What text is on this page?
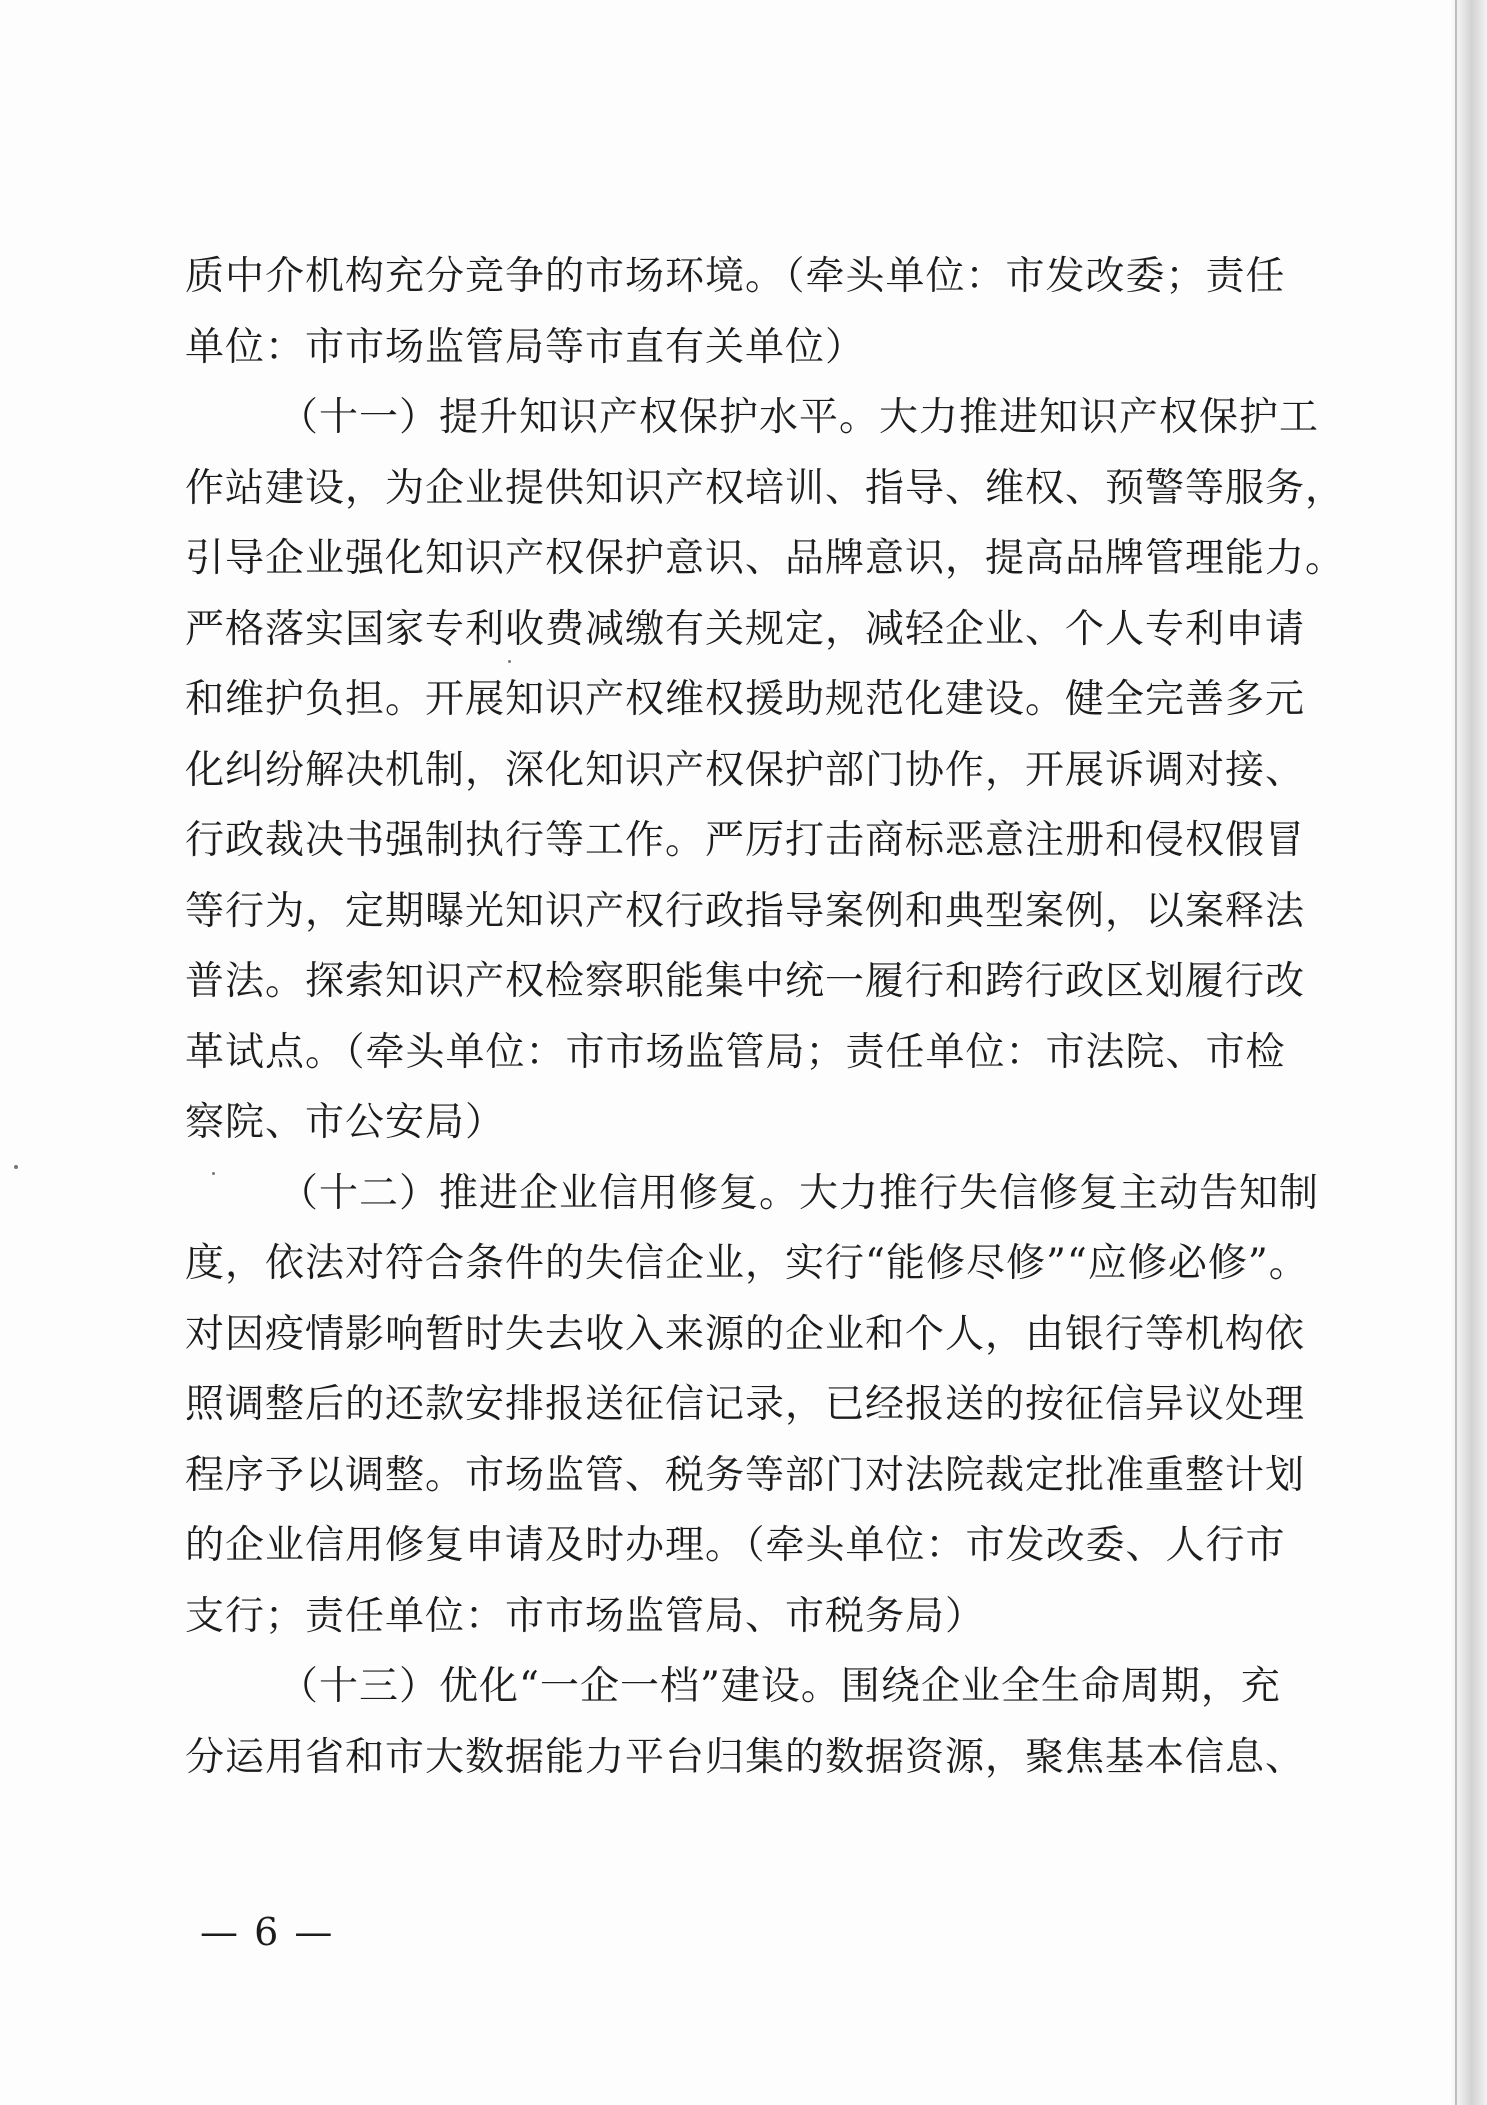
质中介机构充分竞争的市场环境。（牵头单位：市发改委；责任
单位：市市场监管局等市直有关单位）
（十一）提升知识产权保护水平。大力推进知识产权保护工
作站建设，为企业提供知识产权培训、指导、维权、预警等服务，
引导企业强化知识产权保护意识、品牌意识，提高品牌管理能力。
严格落实国家专利收费减缴有关规定，减轻企业、个人专利申请
和维护负担。开展知识产权维权援助规范化建设。健全完善多元
化纠纷解决机制，深化知识产权保护部门协作，开展诉调对接、
行政裁决书强制执行等工作。严厉打击商标恶意注册和侵权假冒
等行为，定期曝光知识产权行政指导案例和典型案例，以案释法
普法。探索知识产权检察职能集中统一履行和跨行政区划履行改
革试点。（牵头单位：市市场监管局；责任单位：市法院、市检
察院、市公安局）
（十二）推进企业信用修复。大力推行失信修复主动告知制
度，依法对符合条件的失信企业，实行“能修尽修”“应修必修”。
对因疫情影响暂时失去收入来源的企业和个人，由银行等机构依
照调整后的还款安排报送征信记录，已经报送的按征信异议处理
程序予以调整。市场监管、税务等部门对法院裁定批准重整计划
的企业信用修复申请及时办理。（牵头单位：市发改委、人行市
支行；责任单位：市市场监管局、市税务局）
（十三）优化“一企一档”建设。围绕企业全生命周期，充
分运用省和市大数据能力平台归集的数据资源，聚焦基本信息、
— 6 —
